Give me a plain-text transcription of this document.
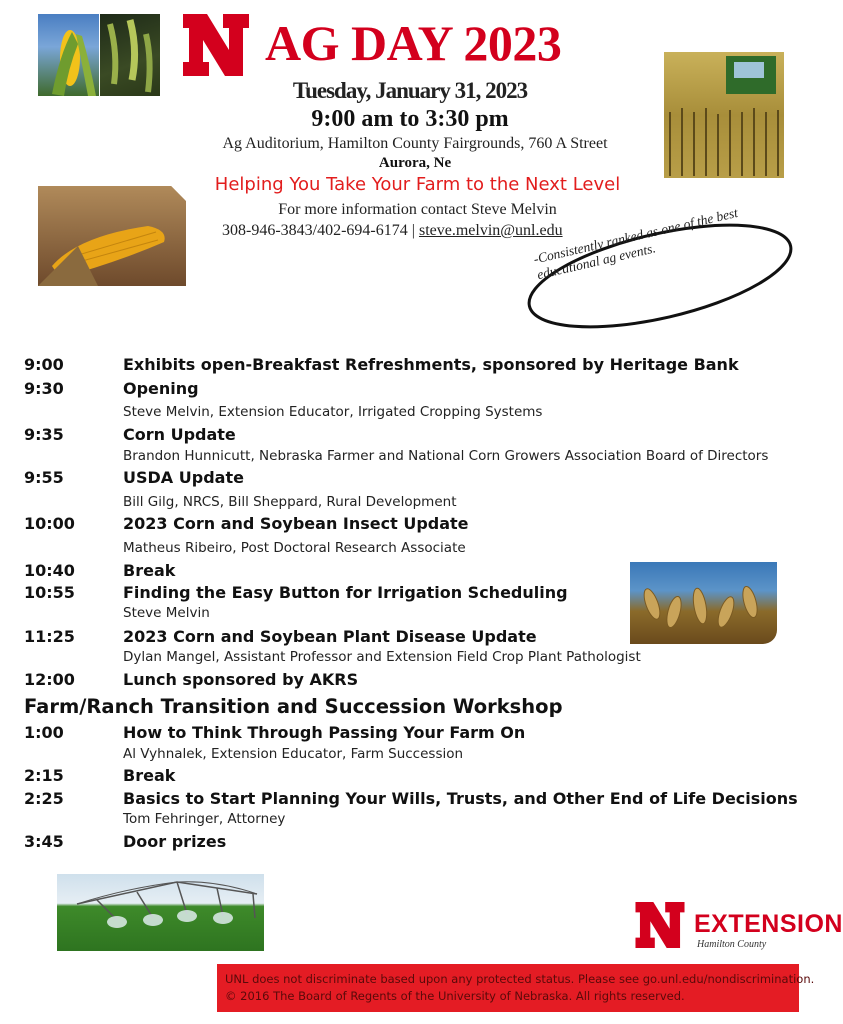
AG DAY 2023
Tuesday, January 31, 2023
9:00 am to 3:30 pm
Ag Auditorium, Hamilton County Fairgrounds, 760 A Street
Aurora, Ne
Helping You Take Your Farm to the Next Level
For more information contact Steve Melvin
308-946-3843/402-694-6174 | steve.melvin@unl.edu
-Consistently ranked as one of the best educational ag events.
9:00	Exhibits open-Breakfast Refreshments, sponsored by Heritage Bank
9:30	Opening
Steve Melvin, Extension Educator, Irrigated Cropping Systems
9:35	Corn Update
Brandon Hunnicutt, Nebraska Farmer and National Corn Growers Association Board of Directors
9:55	USDA Update
Bill Gilg, NRCS, Bill Sheppard, Rural Development
10:00	2023 Corn and Soybean Insect Update
Matheus Ribeiro, Post Doctoral Research Associate
10:40	Break
10:55	Finding the Easy Button for Irrigation Scheduling
Steve Melvin
11:25	2023 Corn and Soybean Plant Disease Update
Dylan Mangel, Assistant Professor and Extension Field Crop Plant Pathologist
12:00	Lunch sponsored by AKRS
Farm/Ranch Transition and Succession Workshop
1:00	How to Think Through Passing Your Farm On
Al Vyhnalek, Extension Educator, Farm Succession
2:15	Break
2:25	Basics to Start Planning Your Wills, Trusts, and Other End of Life Decisions
Tom Fehringer, Attorney
3:45	Door prizes
EXTENSION
Hamilton County
UNL does not discriminate based upon any protected status. Please see go.unl.edu/nondiscrimination.
© 2016 The Board of Regents of the University of Nebraska. All rights reserved.
